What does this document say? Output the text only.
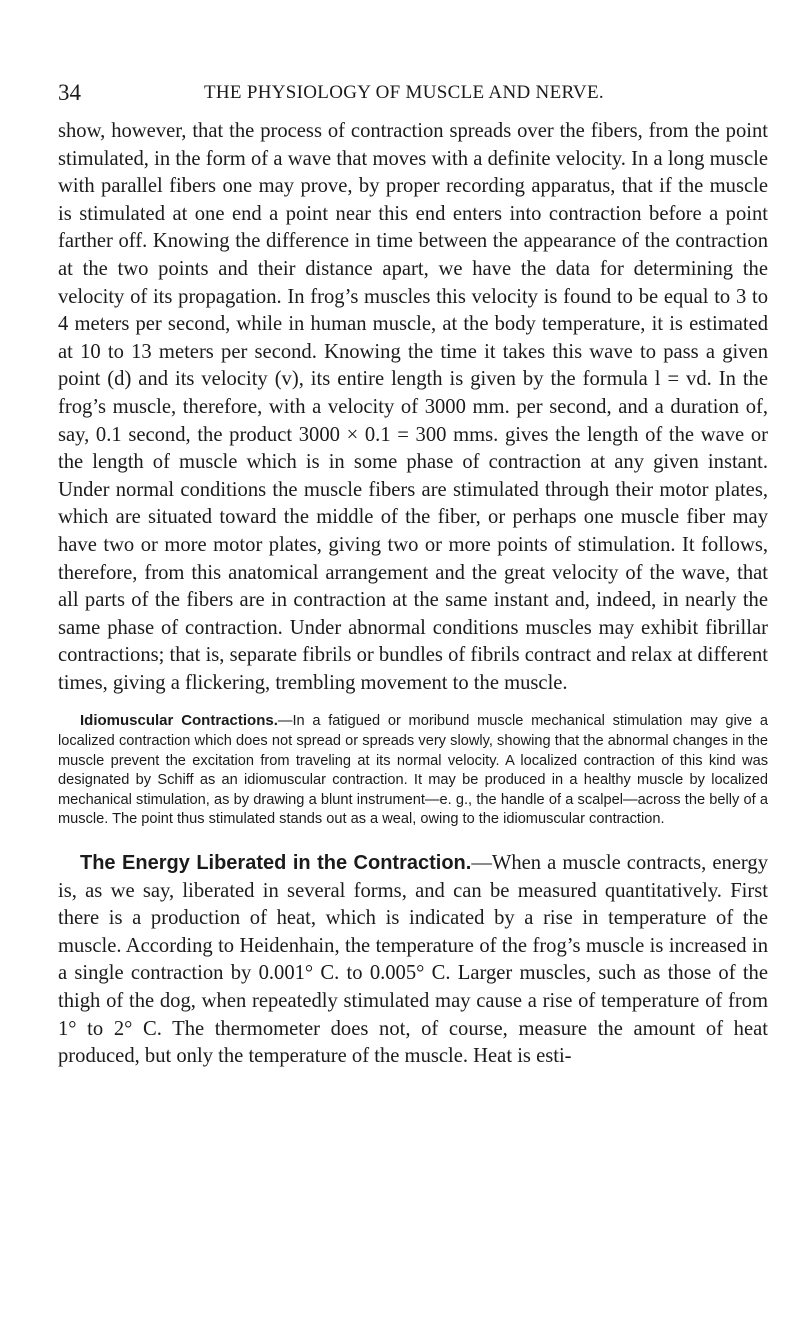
34	THE PHYSIOLOGY OF MUSCLE AND NERVE.

show, however, that the process of contraction spreads over the fibers, from the point stimulated, in the form of a wave that moves with a definite velocity. In a long muscle with parallel fibers one may prove, by proper recording apparatus, that if the muscle is stimulated at one end a point near this end enters into contraction before a point farther off. Knowing the difference in time between the appearance of the contraction at the two points and their distance apart, we have the data for determining the velocity of its propagation. In frog’s muscles this velocity is found to be equal to 3 to 4 meters per second, while in human muscle, at the body temperature, it is estimated at 10 to 13 meters per second. Knowing the time it takes this wave to pass a given point (d) and its velocity (v), its entire length is given by the formula l = vd. In the frog’s muscle, therefore, with a velocity of 3000 mm. per second, and a duration of, say, 0.1 second, the product 3000 × 0.1 = 300 mms. gives the length of the wave or the length of muscle which is in some phase of contraction at any given instant. Under normal conditions the muscle fibers are stimulated through their motor plates, which are situated toward the middle of the fiber, or perhaps one muscle fiber may have two or more motor plates, giving two or more points of stimulation. It follows, therefore, from this anatomical arrangement and the great velocity of the wave, that all parts of the fibers are in contraction at the same instant and, indeed, in nearly the same phase of contraction. Under abnormal conditions muscles may exhibit fibrillar contractions; that is, separate fibrils or bundles of fibrils contract and relax at different times, giving a flickering, trembling movement to the muscle.

Idiomuscular Contractions.—In a fatigued or moribund muscle mechanical stimulation may give a localized contraction which does not spread or spreads very slowly, showing that the abnormal changes in the muscle prevent the excitation from traveling at its normal velocity. A localized contraction of this kind was designated by Schiff as an idiomuscular contraction. It may be produced in a healthy muscle by localized mechanical stimulation, as by drawing a blunt instrument—e. g., the handle of a scalpel—across the belly of a muscle. The point thus stimulated stands out as a weal, owing to the idiomuscular contraction.

The Energy Liberated in the Contraction.—When a muscle contracts, energy is, as we say, liberated in several forms, and can be measured quantitatively. First there is a production of heat, which is indicated by a rise in temperature of the muscle. According to Heidenhain, the temperature of the frog’s muscle is increased in a single contraction by 0.001° C. to 0.005° C. Larger muscles, such as those of the thigh of the dog, when repeatedly stimulated may cause a rise of temperature of from 1° to 2° C. The thermometer does not, of course, measure the amount of heat produced, but only the temperature of the muscle. Heat is esti-
